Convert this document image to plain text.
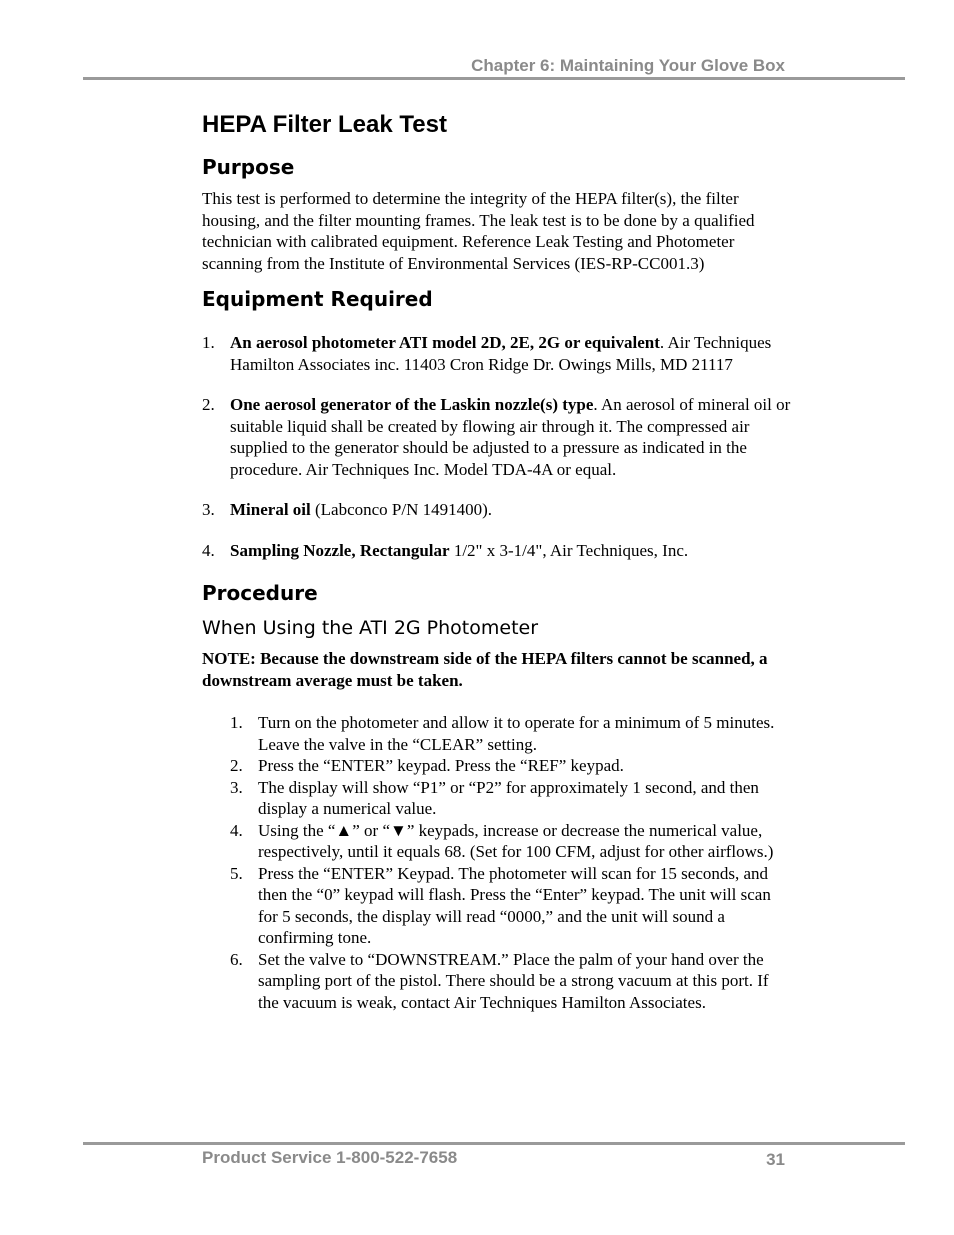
Chapter 6: Maintaining Your Glove Box
HEPA Filter Leak Test
Purpose

This test is performed to determine the integrity of the HEPA filter(s), the filter housing, and the filter mounting frames. The leak test is to be done by a qualified technician with calibrated equipment. Reference Leak Testing and Photometer scanning from the Institute of Environmental Services (IES-RP-CC001.3)

Equipment Required
1. An aerosol photometer ATI model 2D, 2E, 2G or equivalent. Air Techniques Hamilton Associates inc. 11403 Cron Ridge Dr. Owings Mills, MD 21117
2. One aerosol generator of the Laskin nozzle(s) type. An aerosol of mineral oil or suitable liquid shall be created by flowing air through it. The compressed air supplied to the generator should be adjusted to a pressure as indicated in the procedure. Air Techniques Inc. Model TDA-4A or equal.
3. Mineral oil (Labconco P/N 1491400).
4. Sampling Nozzle, Rectangular 1/2" x 3-1/4", Air Techniques, Inc.
Procedure
When Using the ATI 2G Photometer

NOTE: Because the downstream side of the HEPA filters cannot be scanned, a downstream average must be taken.

1. Turn on the photometer and allow it to operate for a minimum of 5 minutes. Leave the valve in the “CLEAR” setting.
2. Press the “ENTER” keypad. Press the “REF” keypad.
3. The display will show “P1” or “P2” for approximately 1 second, and then display a numerical value.
4. Using the “▲” or “▼” keypads, increase or decrease the numerical value, respectively, until it equals 68. (Set for 100 CFM, adjust for other airflows.)
5. Press the “ENTER” Keypad. The photometer will scan for 15 seconds, and then the “0” keypad will flash. Press the “Enter” keypad. The unit will scan for 5 seconds, the display will read “0000,” and the unit will sound a confirming tone.
6. Set the valve to “DOWNSTREAM.” Place the palm of your hand over the sampling port of the pistol. There should be a strong vacuum at this port. If the vacuum is weak, contact Air Techniques Hamilton Associates.
Product Service 1-800-522-7658	31
